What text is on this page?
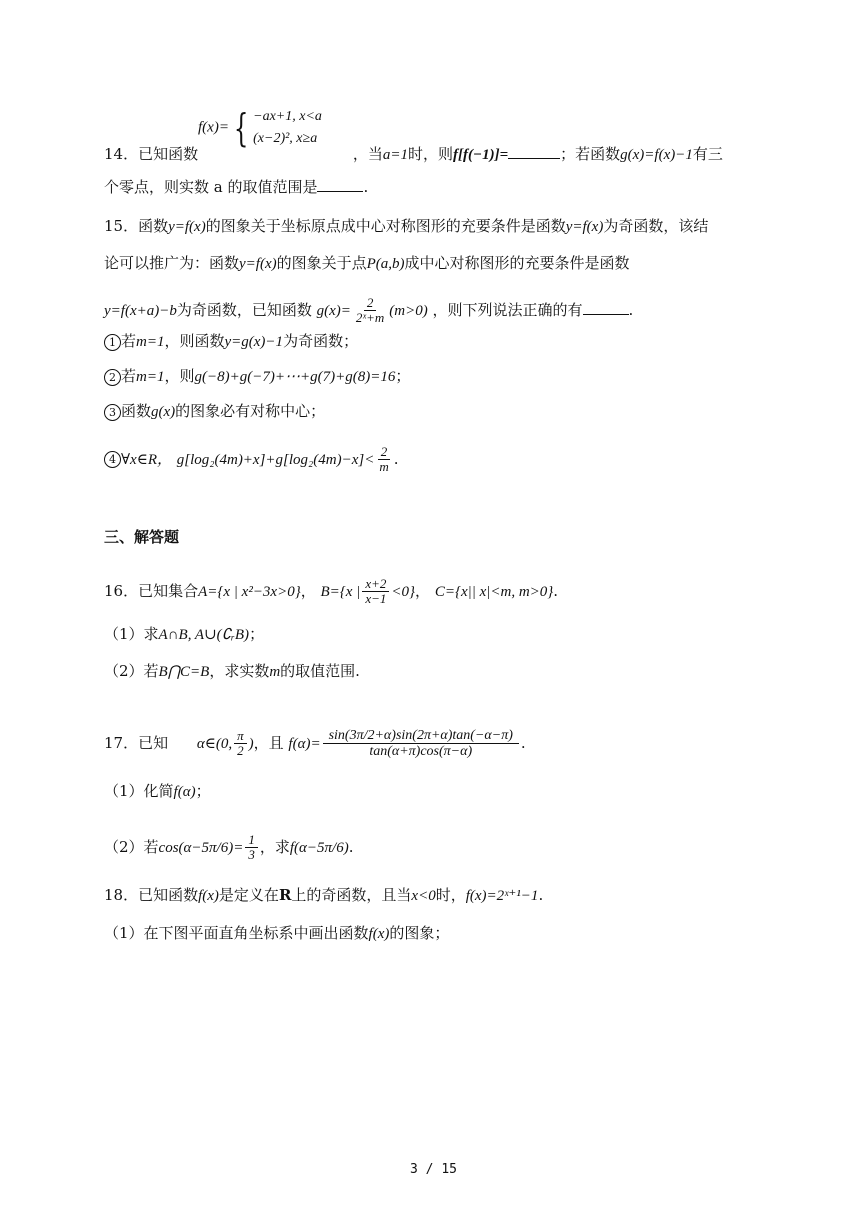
f(x)= { −ax+1, x<a
(x−2)², x≥a
14．已知函数	，当a=1时，则f[f(−1)]=	；若函数g(x)=f(x)−1有三
个零点，则实数 a 的取值范围是	.
15．函数y=f(x)的图象关于坐标原点成中心对称图形的充要条件是函数y=f(x)为奇函数，该结
论可以推广为：函数y=f(x)的图象关于点P(a,b)成中心对称图形的充要条件是函数
y=f(x+a)−b为奇函数，已知函数 $g(x)= \frac{2}{\text{2ˣ+m}} (m>0)$ ，则下列说法正确的有	.
1 若m=1，则函数y=g(x)−1为奇函数；
2 若m=1，则g(−8)+g(−7)+⋯+g(7)+g(8)=16；
3 函数g(x)的图象必有对称中心；
4 ∀x∈R， $g[\log_2(4m)+x]+g[\log_2(4m)-x]< \frac{2}{m}$ .
三、解答题
16．已知集合A={x | x²−3x>0}， B={x | $\frac{x+2}{x-1} <0$}， C={x|| x|<m, m>0}.
（1）求A∩B, A∪(∁ᵣB)；
（2）若B⋂C=B，求实数m的取值范围.
17．已知 α∈(0, $\frac{\pi}{2}$ )，且 $f(\alpha)= \frac{\sin(3\pi/2+\alpha)\sin(2\pi+\alpha)\tan(-\alpha-\pi)}{\tan(\alpha+\pi)\cos(\pi-\alpha)}$ .
（1）化简f(α)；
（2）若$\cos(\alpha-5\pi/6)= \frac{1}{3}$ ，求f(α−5π/6).
18．已知函数f(x)是定义在R上的奇函数，且当x<0时，f(x)=2ˣ⁺¹−1.
（1）在下图平面直角坐标系中画出函数f(x)的图象；
3 / 15
